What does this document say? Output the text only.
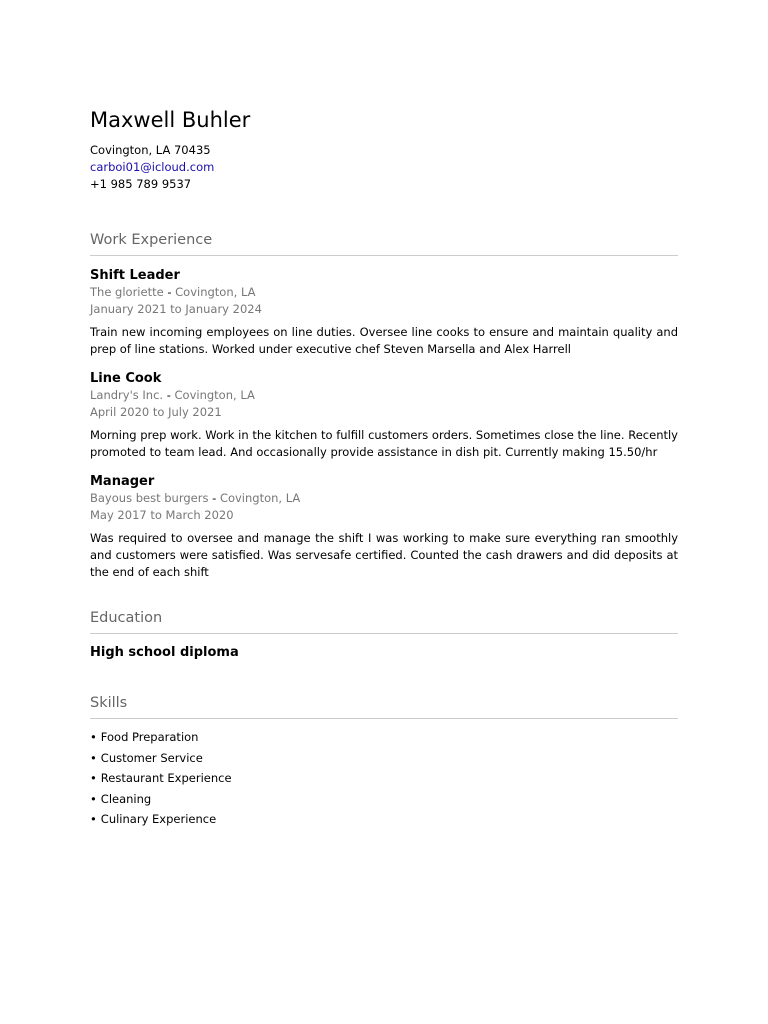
Maxwell Buhler
Covington, LA 70435
carboi01@icloud.com
+1 985 789 9537
Work Experience
Shift Leader
The gloriette - Covington, LA
January 2021 to January 2024
Train new incoming employees on line duties. Oversee line cooks to ensure and maintain quality and prep of line stations. Worked under executive chef Steven Marsella and Alex Harrell
Line Cook
Landry's Inc. - Covington, LA
April 2020 to July 2021
Morning prep work. Work in the kitchen to fulfill customers orders. Sometimes close the line. Recently promoted to team lead. And occasionally provide assistance in dish pit. Currently making 15.50/hr
Manager
Bayous best burgers - Covington, LA
May 2017 to March 2020
Was required to oversee and manage the shift I was working to make sure everything ran smoothly and customers were satisfied. Was servesafe certified. Counted the cash drawers and did deposits at the end of each shift
Education
High school diploma
Skills
• Food Preparation
• Customer Service
• Restaurant Experience
• Cleaning
• Culinary Experience
